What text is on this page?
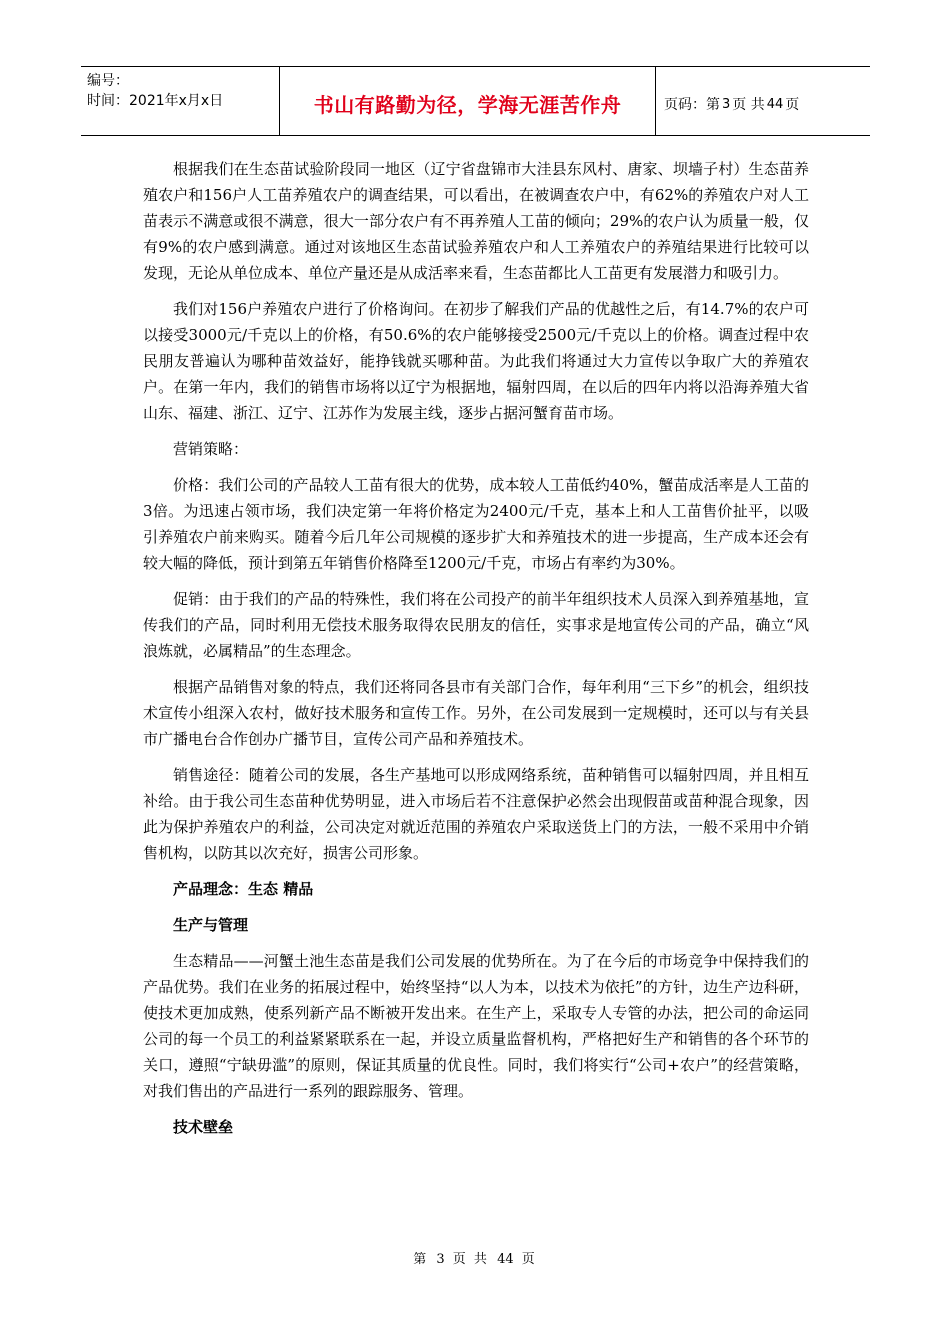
编号：
时间：2021年x月x日	书山有路勤为径，学海无涯苦作舟	页码：第 3 页 共 44 页

根据我们在生态苗试验阶段同一地区（辽宁省盘锦市大洼县东风村、唐家、坝墙子村）生态苗养殖农户和156户人工苗养殖农户的调查结果，可以看出，在被调查农户中，有62%的养殖农户对人工苗表示不满意或很不满意，很大一部分农户有不再养殖人工苗的倾向；29%的农户认为质量一般，仅有9%的农户感到满意。通过对该地区生态苗试验养殖农户和人工养殖农户的养殖结果进行比较可以发现，无论从单位成本、单位产量还是从成活率来看，生态苗都比人工苗更有发展潜力和吸引力。

我们对156户养殖农户进行了价格询问。在初步了解我们产品的优越性之后，有14.7%的农户可以接受3000元/千克以上的价格，有50.6%的农户能够接受2500元/千克以上的价格。调查过程中农民朋友普遍认为哪种苗效益好，能挣钱就买哪种苗。为此我们将通过大力宣传以争取广大的养殖农户。在第一年内，我们的销售市场将以辽宁为根据地，辐射四周，在以后的四年内将以沿海养殖大省山东、福建、浙江、辽宁、江苏作为发展主线，逐步占据河蟹育苗市场。

营销策略：

价格：我们公司的产品较人工苗有很大的优势，成本较人工苗低约40%，蟹苗成活率是人工苗的3倍。为迅速占领市场，我们决定第一年将价格定为2400元/千克，基本上和人工苗售价扯平，以吸引养殖农户前来购买。随着今后几年公司规模的逐步扩大和养殖技术的进一步提高，生产成本还会有较大幅的降低，预计到第五年销售价格降至1200元/千克，市场占有率约为30%。

促销：由于我们的产品的特殊性，我们将在公司投产的前半年组织技术人员深入到养殖基地，宣传我们的产品，同时利用无偿技术服务取得农民朋友的信任，实事求是地宣传公司的产品，确立“风浪炼就，必属精品”的生态理念。

根据产品销售对象的特点，我们还将同各县市有关部门合作，每年利用“三下乡”的机会，组织技术宣传小组深入农村，做好技术服务和宣传工作。另外，在公司发展到一定规模时，还可以与有关县市广播电台合作创办广播节目，宣传公司产品和养殖技术。

销售途径：随着公司的发展，各生产基地可以形成网络系统，苗种销售可以辐射四周，并且相互补给。由于我公司生态苗种优势明显，进入市场后若不注意保护必然会出现假苗或苗种混合现象，因此为保护养殖农户的利益，公司决定对就近范围的养殖农户采取送货上门的方法，一般不采用中介销售机构，以防其以次充好，损害公司形象。

产品理念：生态 精品

生产与管理

生态精品——河蟹土池生态苗是我们公司发展的优势所在。为了在今后的市场竞争中保持我们的产品优势。我们在业务的拓展过程中，始终坚持“以人为本，以技术为依托”的方针，边生产边科研，使技术更加成熟，使系列新产品不断被开发出来。在生产上，采取专人专管的办法，把公司的命运同公司的每一个员工的利益紧紧联系在一起，并设立质量监督机构，严格把好生产和销售的各个环节的关口，遵照“宁缺毋滥”的原则，保证其质量的优良性。同时，我们将实行“公司+农户”的经营策略，对我们售出的产品进行一系列的跟踪服务、管理。

技术壁垒

第 3 页 共 44 页
